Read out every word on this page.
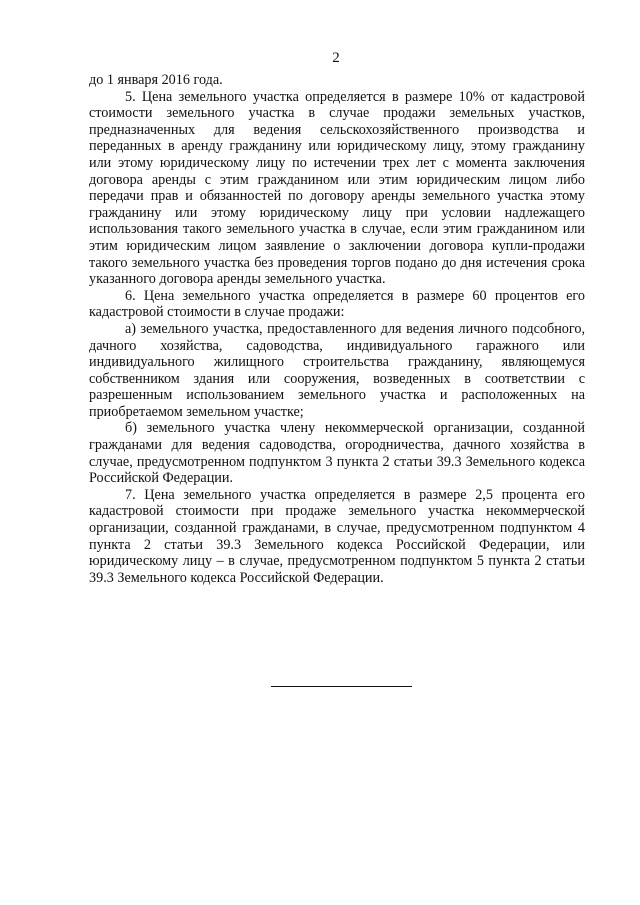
2

до 1 января 2016 года.

5. Цена земельного участка определяется в размере 10% от кадастровой стоимости земельного участка в случае продажи земельных участков, предназначенных для ведения сельскохозяйственного производства и переданных в аренду гражданину или юридическому лицу, этому гражданину или этому юридическому лицу по истечении трех лет с момента заключения договора аренды с этим гражданином или этим юридическим лицом либо передачи прав и обязанностей по договору аренды земельного участка этому гражданину или этому юридическому лицу при условии надлежащего использования такого земельного участка в случае, если этим гражданином или этим юридическим лицом заявление о заключении договора купли-продажи такого земельного участка без проведения торгов подано до дня истечения срока указанного договора аренды земельного участка.

6. Цена земельного участка определяется в размере 60 процентов его кадастровой стоимости в случае продажи:

а) земельного участка, предоставленного для ведения личного подсобного, дачного хозяйства, садоводства, индивидуального гаражного или индивидуального жилищного строительства гражданину, являющемуся собственником здания или сооружения, возведенных в соответствии с разрешенным использованием земельного участка и расположенных на приобретаемом земельном участке;

б) земельного участка члену некоммерческой организации, созданной гражданами для ведения садоводства, огородничества, дачного хозяйства в случае, предусмотренном подпунктом 3 пункта 2 статьи 39.3 Земельного кодекса Российской Федерации.

7. Цена земельного участка определяется в размере 2,5 процента его кадастровой стоимости при продаже земельного участка некоммерческой организации, созданной гражданами, в случае, предусмотренном подпунктом 4 пункта 2 статьи 39.3 Земельного кодекса Российской Федерации, или юридическому лицу – в случае, предусмотренном подпунктом 5 пункта 2 статьи 39.3 Земельного кодекса Российской Федерации.
